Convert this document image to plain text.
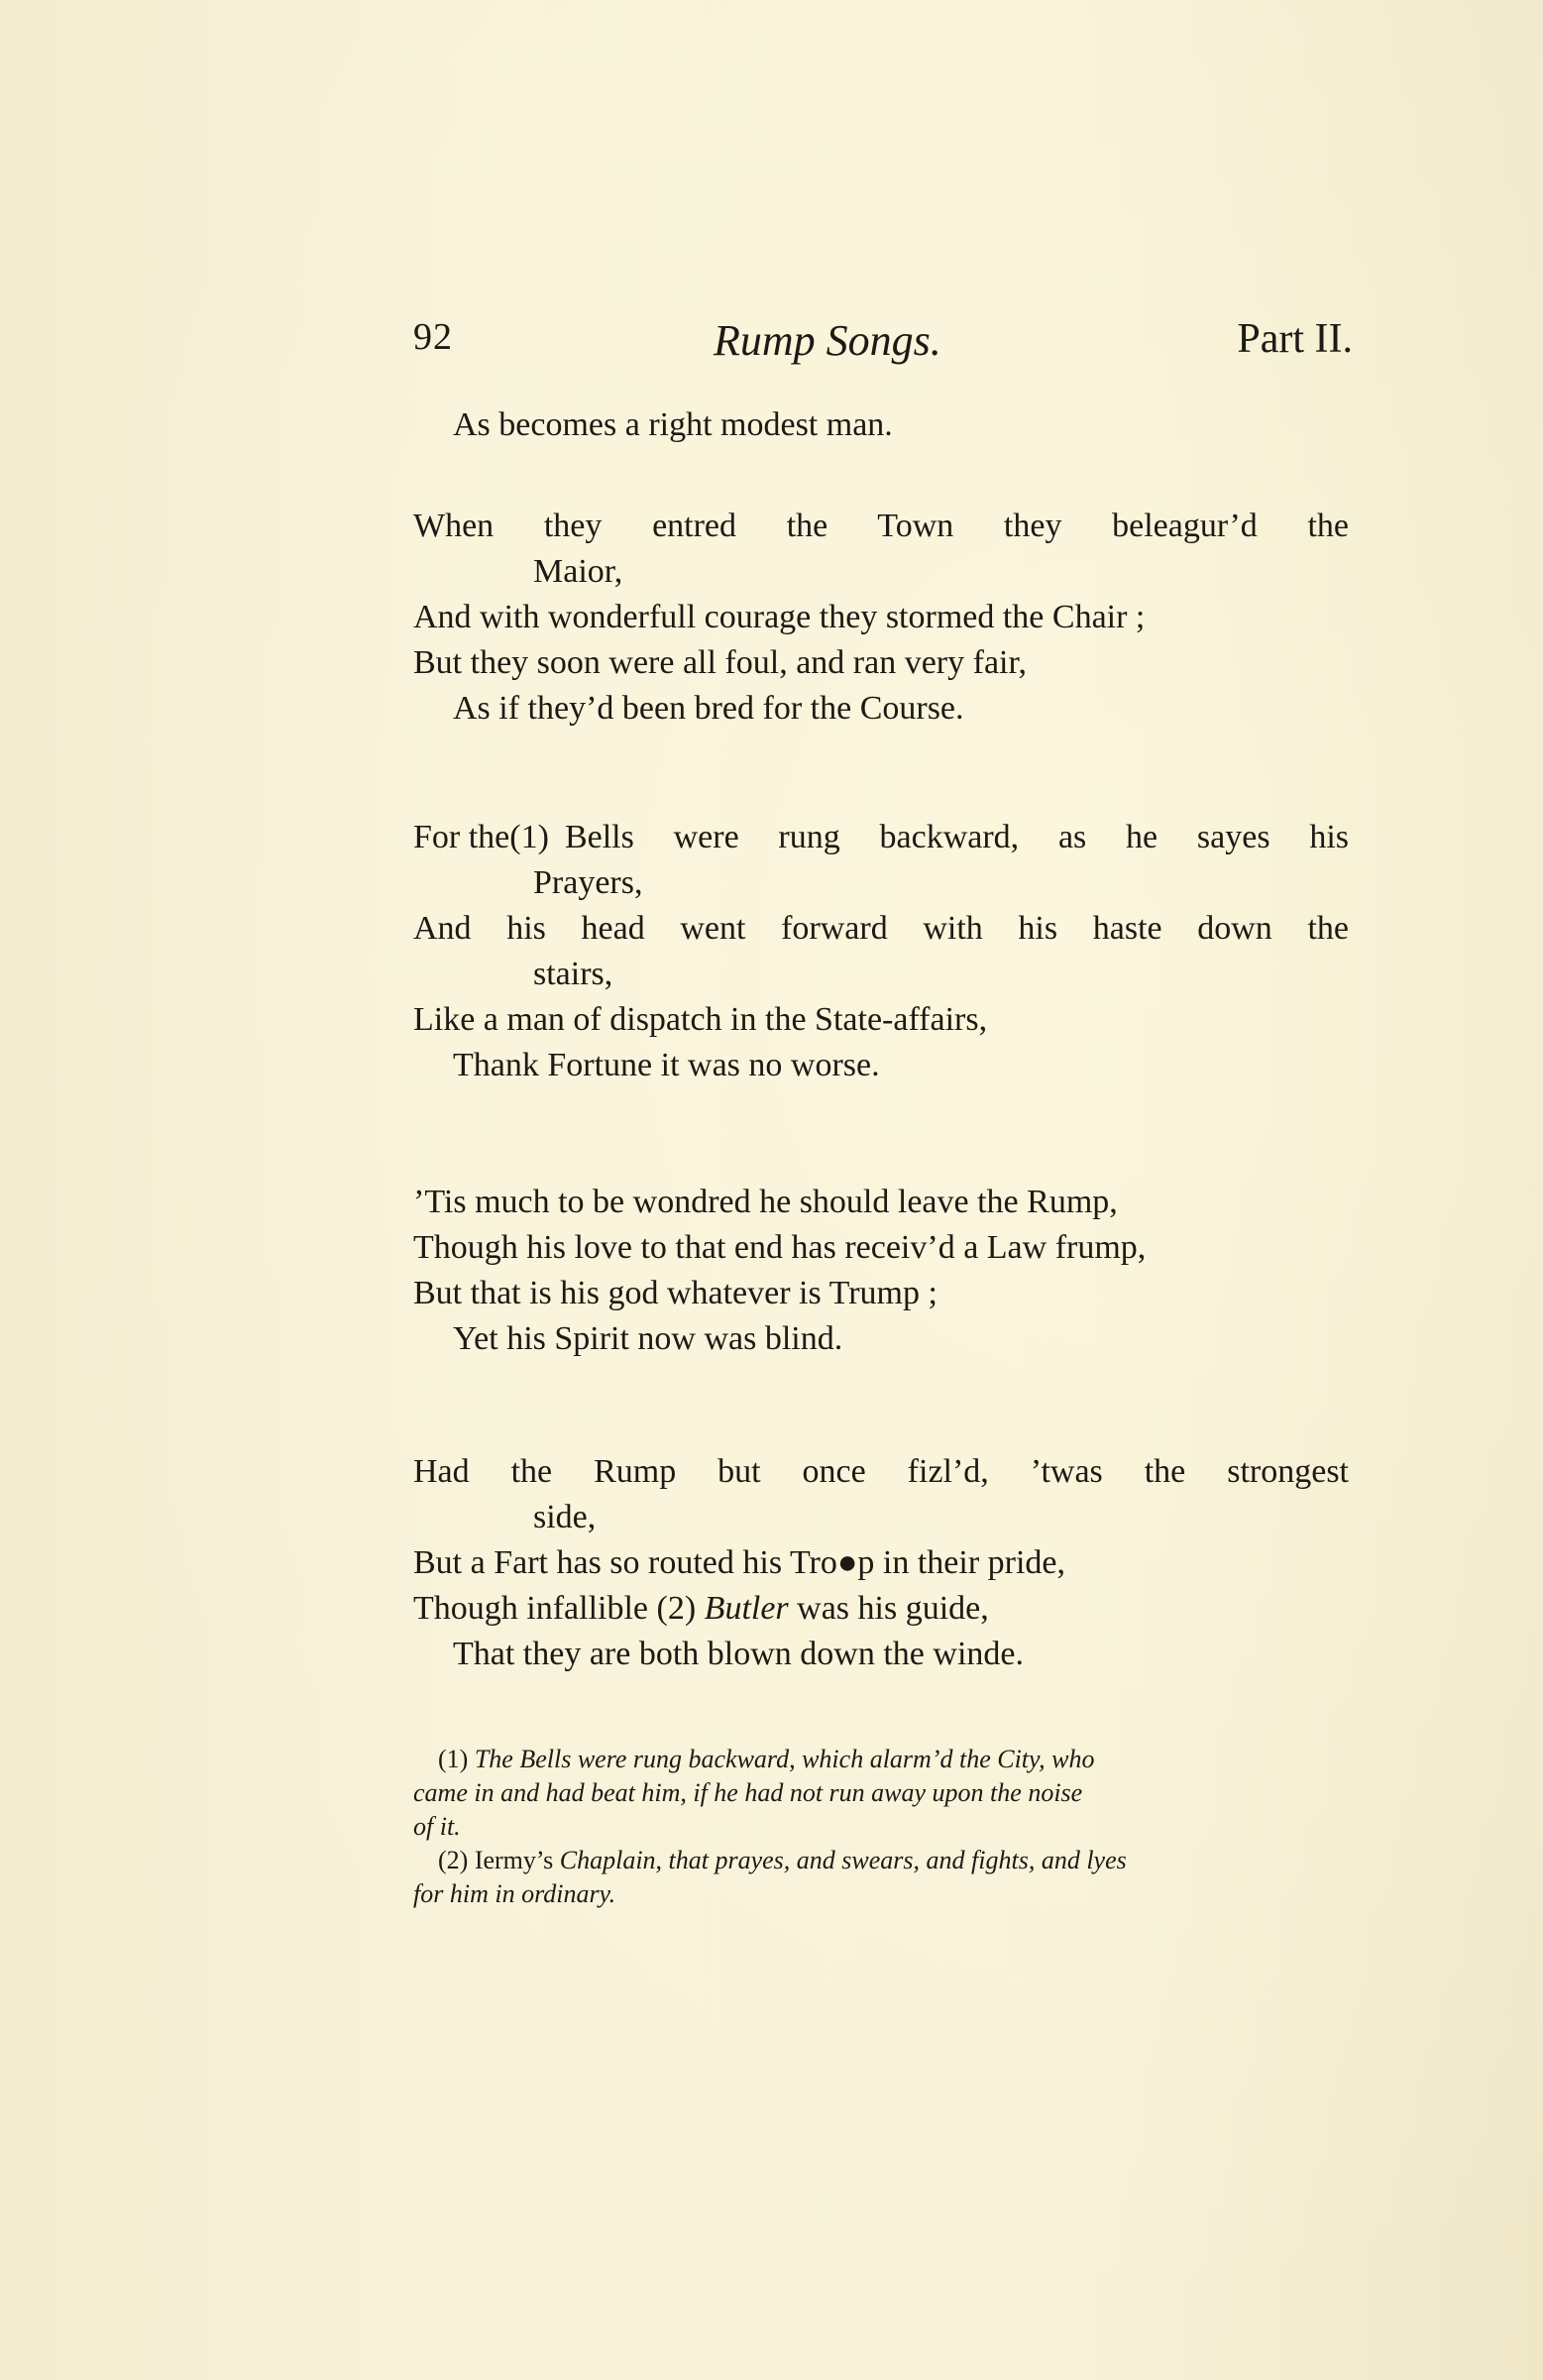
92	Rump Songs.	Part II.
As becomes a right modest man.
When they entred the Town they beleagur’d the
Maior,
And with wonderfull courage they stormed the Chair ;
But they soon were all foul, and ran very fair,
As if they’d been bred for the Course.
For the (1) Bells were rung backward, as he sayes his
Prayers,
And his head went forward with his haste down the
stairs,
Like a man of dispatch in the State-affairs,
Thank Fortune it was no worse.
’Tis much to be wondred he should leave the Rump,
Though his love to that end has receiv’d a Law frump,
But that is his god whatever is Trump ;
Yet his Spirit now was blind.
Had the Rump but once fizl’d, ’twas the strongest
side,
But a Fart has so routed his Tro●p in their pride,
Though infallible (2) Butler was his guide,
That they are both blown down the winde.
(1) The Bells were rung backward, which alarm’d the City, who
came in and had beat him, if he had not run away upon the noise
of it.
(2) Iermy’s Chaplain, that prayes, and swears, and fights, and lyes
for him in ordinary.
